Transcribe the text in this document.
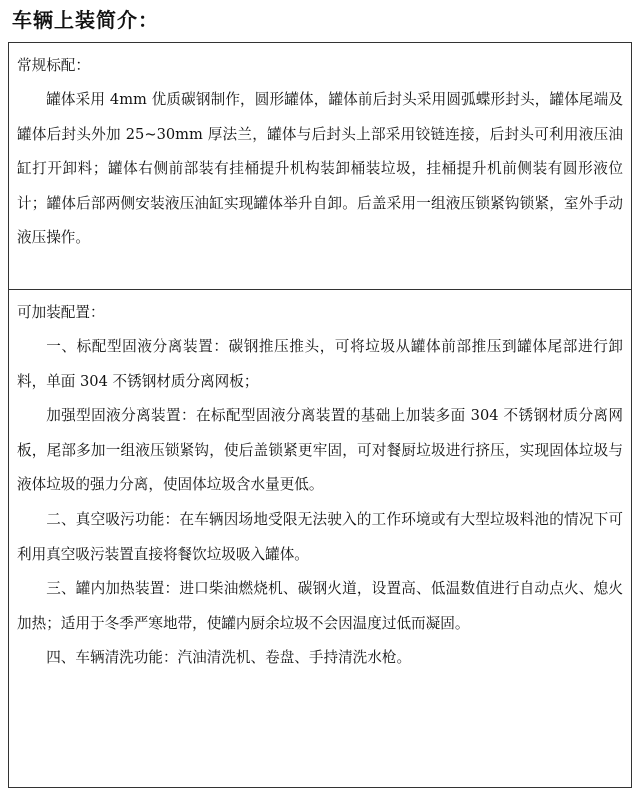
车辆上装简介：
常规标配：

罐体采用 4mm 优质碳钢制作，圆形罐体，罐体前后封头采用圆弧蝶形封头，罐体尾端及罐体后封头外加 25~30mm 厚法兰，罐体与后封头上部采用铰链连接，后封头可利用液压油缸打开卸料；罐体右侧前部装有挂桶提升机构装卸桶装垃圾，挂桶提升机前侧装有圆形液位计；罐体后部两侧安装液压油缸实现罐体举升自卸。后盖采用一组液压锁紧钩锁紧，室外手动液压操作。

可加装配置：

一、标配型固液分离装置：碳钢推压推头，可将垃圾从罐体前部推压到罐体尾部进行卸料，单面 304 不锈钢材质分离网板；

加强型固液分离装置：在标配型固液分离装置的基础上加装多面 304 不锈钢材质分离网板，尾部多加一组液压锁紧钩，使后盖锁紧更牢固，可对餐厨垃圾进行挤压，实现固体垃圾与液体垃圾的强力分离，使固体垃圾含水量更低。

二、真空吸污功能：在车辆因场地受限无法驶入的工作环境或有大型垃圾料池的情况下可利用真空吸污装置直接将餐饮垃圾吸入罐体。

三、罐内加热装置：进口柴油燃烧机、碳钢火道，设置高、低温数值进行自动点火、熄火加热；适用于冬季严寒地带，使罐内厨余垃圾不会因温度过低而凝固。

四、车辆清洗功能：汽油清洗机、卷盘、手持清洗水枪。
